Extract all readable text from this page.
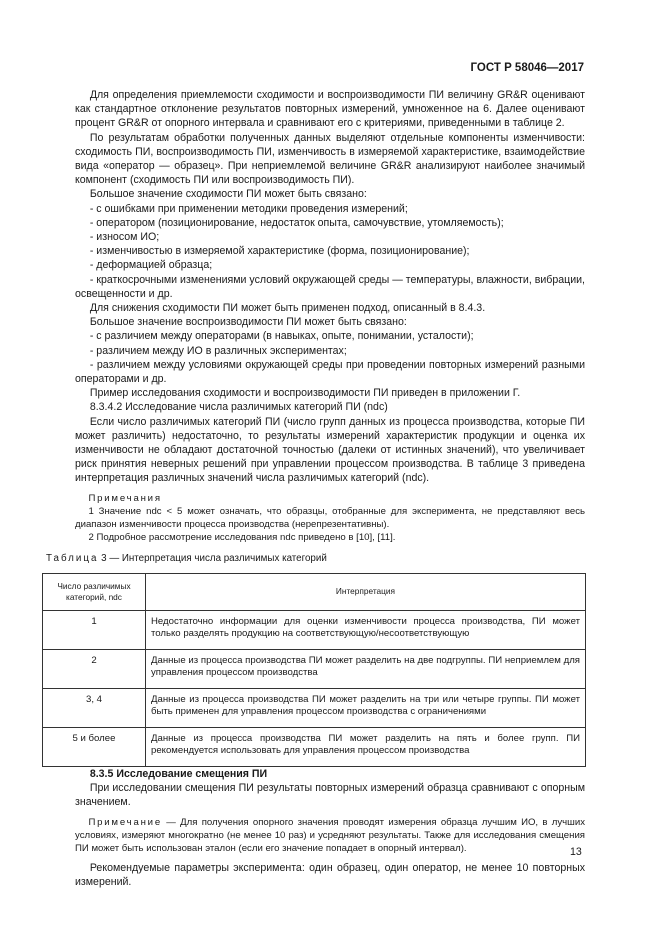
ГОСТ Р 58046—2017

Для определения приемлемости сходимости и воспроизводимости ПИ величину GR&R оценивают как стандартное отклонение результатов повторных измерений, умноженное на 6. Далее оценивают процент GR&R от опорного интервала и сравнивают его с критериями, приведенными в таблице 2.

По результатам обработки полученных данных выделяют отдельные компоненты изменчивости: сходимость ПИ, воспроизводимость ПИ, изменчивость в измеряемой характеристике, взаимодействие вида «оператор — образец». При неприемлемой величине GR&R анализируют наиболее значимый компонент (сходимость ПИ или воспроизводимость ПИ).

Большое значение сходимости ПИ может быть связано:

- с ошибками при применении методики проведения измерений;

- оператором (позиционирование, недостаток опыта, самочувствие, утомляемость);

- износом ИО;

- изменчивостью в измеряемой характеристике (форма, позиционирование);

- деформацией образца;

- краткосрочными изменениями условий окружающей среды — температуры, влажности, вибрации, освещенности и др.

Для снижения сходимости ПИ может быть применен подход, описанный в 8.4.3.

Большое значение воспроизводимости ПИ может быть связано:

- с различием между операторами (в навыках, опыте, понимании, усталости);

- различием между ИО в различных экспериментах;

- различием между условиями окружающей среды при проведении повторных измерений разными операторами и др.

Пример исследования сходимости и воспроизводимости ПИ приведен в приложении Г.

8.3.4.2 Исследование числа различимых категорий ПИ (ndc)

Если число различимых категорий ПИ (число групп данных из процесса производства, которые ПИ может различить) недостаточно, то результаты измерений характеристик продукции и оценка их изменчивости не обладают достаточной точностью (далеки от истинных значений), что увеличивает риск принятия неверных решений при управлении процессом производства. В таблице 3 приведена интерпретация различных значений числа различимых категорий (ndc).

Примечания

1 Значение ndc < 5 может означать, что образцы, отобранные для эксперимента, не представляют весь диапазон изменчивости процесса производства (нерепрезентативны).

2 Подробное рассмотрение исследования ndc приведено в [10], [11].

Таблица 3 — Интерпретация числа различимых категорий
Число различимых категорий, ndc	Интерпретация
1	Недостаточно информации для оценки изменчивости процесса производства, ПИ может только разделять продукцию на соответствующую/несоответствующую
2	Данные из процесса производства ПИ может разделить на две подгруппы. ПИ неприемлем для управления процессом производства
3, 4	Данные из процесса производства ПИ может разделить на три или четыре группы. ПИ может быть применен для управления процессом производства с ограничениями
5 и более	Данные из процесса производства ПИ может разделить на пять и более групп. ПИ рекомендуется использовать для управления процессом производства

8.3.5 Исследование смещения ПИ

При исследовании смещения ПИ результаты повторных измерений образца сравнивают с опорным значением.

Примечание — Для получения опорного значения проводят измерения образца лучшим ИО, в лучших условиях, измеряют многократно (не менее 10 раз) и усредняют результаты. Также для исследования смещения ПИ может быть использован эталон (если его значение попадает в опорный интервал).

Рекомендуемые параметры эксперимента: один образец, один оператор, не менее 10 повторных измерений.

13
